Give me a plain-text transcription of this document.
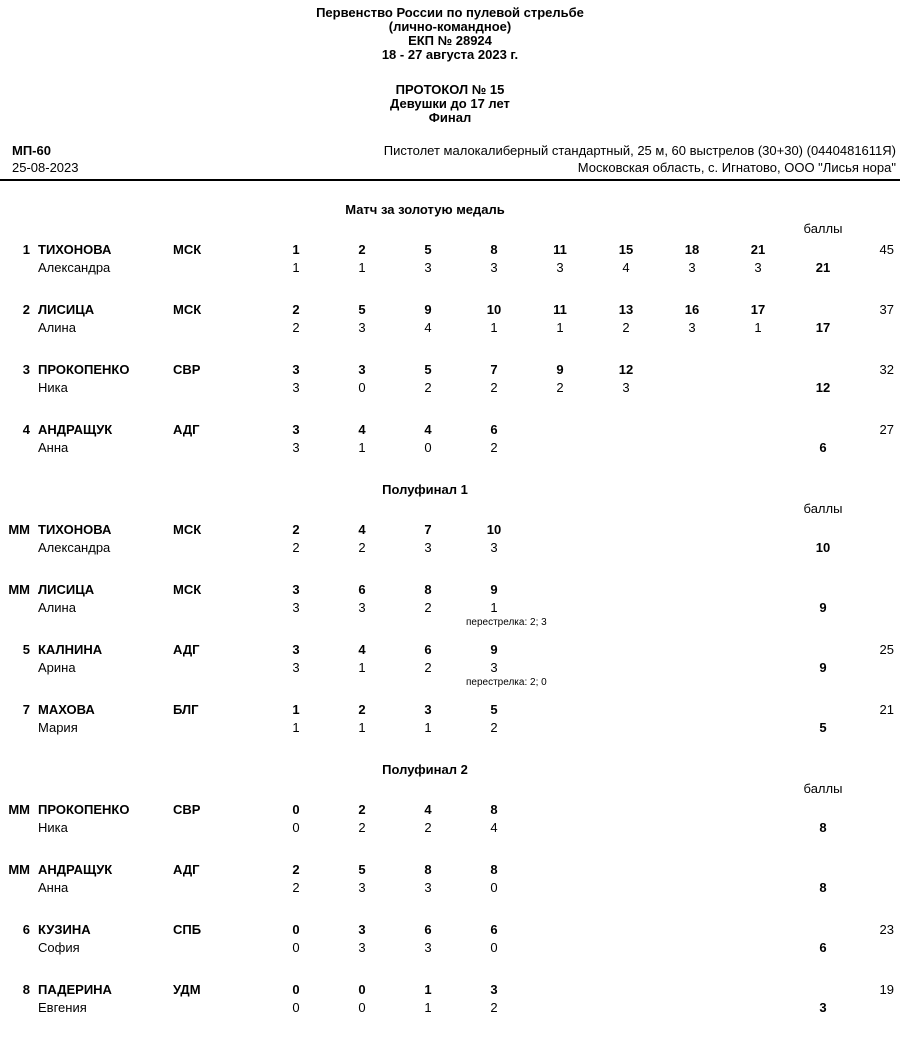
Первенство России по пулевой стрельбе
(лично-командное)
ЕКП № 28924
18 - 27 августа 2023 г.
ПРОТОКОЛ № 15
Девушки до 17 лет
Финал
МП-60
25-08-2023
Пистолет малокалиберный стандартный, 25 м, 60 выстрелов (30+30) (0440481611Я)
Московская область, с. Игнатово, ООО "Лисья нора"
Матч за золотую медаль
баллы
1 ТИХОНОВА	МСК	1	2	5	8	11	15	18	21	45
Александра	1	1	3	3	3	4	3	3	21
2 ЛИСИЦА	МСК	2	5	9	10	11	13	16	17	37
Алина	2	3	4	1	1	2	3	1	17
3 ПРОКОПЕНКО	СВР	3	3	5	7	9	12	32
Ника	3	0	2	2	2	3	12
4 АНДРАЩУК	АДГ	3	4	4	6	27
Анна	3	1	0	2	6
Полуфинал 1
баллы
ММ ТИХОНОВА	МСК	2	4	7	10
Александра	2	2	3	3	10
ММ ЛИСИЦА	МСК	3	6	8	9
Алина	3	3	2	1	9
перестрелка: 2; 3
5 КАЛНИНА	АДГ	3	4	6	9	25
Арина	3	1	2	3	9
перестрелка: 2; 0
7 МАХОВА	БЛГ	1	2	3	5	21
Мария	1	1	1	2	5
Полуфинал 2
баллы
ММ ПРОКОПЕНКО	СВР	0	2	4	8
Ника	0	2	2	4	8
ММ АНДРАЩУК	АДГ	2	5	8	8
Анна	2	3	3	0	8
6 КУЗИНА	СПБ	0	3	6	6	23
София	0	3	3	0	6
8 ПАДЕРИНА	УДМ	0	0	1	3	19
Евгения	0	0	1	2	3
